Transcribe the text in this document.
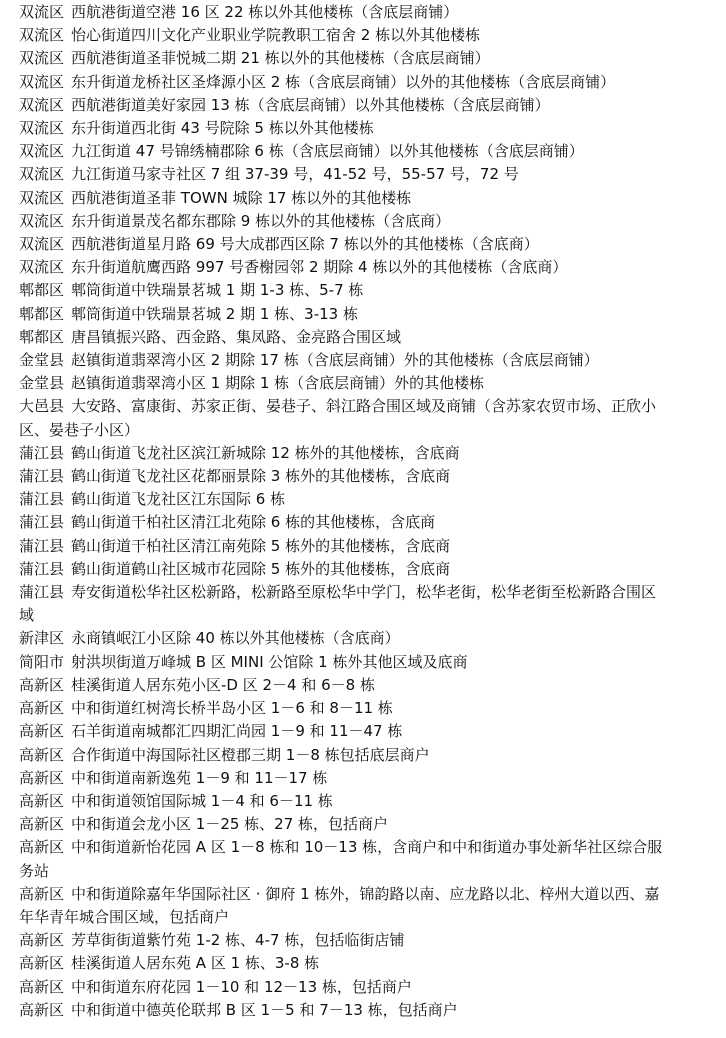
双流区 西航港街道空港 16 区 22 栋以外其他楼栋（含底层商铺）
双流区 怡心街道四川文化产业职业学院教职工宿舍 2 栋以外其他楼栋
双流区 西航港街道圣菲悦城二期 21 栋以外的其他楼栋（含底层商铺）
双流区 东升街道龙桥社区圣烽源小区 2 栋（含底层商铺）以外的其他楼栋（含底层商铺）
双流区 西航港街道美好家园 13 栋（含底层商铺）以外其他楼栋（含底层商铺）
双流区 东升街道西北街 43 号院除 5 栋以外其他楼栋
双流区 九江街道 47 号锦绣楠郡除 6 栋（含底层商铺）以外其他楼栋（含底层商铺）
双流区 九江街道马家寺社区 7 组 37-39 号，41-52 号，55-57 号，72 号
双流区 西航港街道圣菲 TOWN 城除 17 栋以外的其他楼栋
双流区 东升街道景茂名都东郡除 9 栋以外的其他楼栋（含底商）
双流区 西航港街道星月路 69 号大成郡西区除 7 栋以外的其他楼栋（含底商）
双流区 东升街道航鹰西路 997 号香榭园邻 2 期除 4 栋以外的其他楼栋（含底商）
郫都区 郫筒街道中铁瑞景茗城 1 期 1-3 栋、5-7 栋
郫都区 郫筒街道中铁瑞景茗城 2 期 1 栋、3-13 栋
郫都区 唐昌镇振兴路、西金路、集凤路、金亮路合围区域
金堂县 赵镇街道翡翠湾小区 2 期除 17 栋（含底层商铺）外的其他楼栋（含底层商铺）
金堂县 赵镇街道翡翠湾小区 1 期除 1 栋（含底层商铺）外的其他楼栋
大邑县 大安路、富康街、苏家正街、晏巷子、斜江路合围区域及商铺（含苏家农贸市场、正欣小区、晏巷子小区）
蒲江县 鹤山街道飞龙社区滨江新城除 12 栋外的其他楼栋，含底商
蒲江县 鹤山街道飞龙社区花都丽景除 3 栋外的其他楼栋，含底商
蒲江县 鹤山街道飞龙社区江东国际 6 栋
蒲江县 鹤山街道干柏社区清江北苑除 6 栋的其他楼栋，含底商
蒲江县 鹤山街道干柏社区清江南苑除 5 栋外的其他楼栋，含底商
蒲江县 鹤山街道鹤山社区城市花园除 5 栋外的其他楼栋，含底商
蒲江县 寿安街道松华社区松新路，松新路至原松华中学门，松华老街，松华老街至松新路合围区域
新津区 永商镇岷江小区除 40 栋以外其他楼栋（含底商）
简阳市 射洪坝街道万峰城 B 区 MINI 公馆除 1 栋外其他区域及底商
高新区 桂溪街道人居东苑小区-D 区 2－4 和 6－8 栋
高新区 中和街道红树湾长桥半岛小区 1－6 和 8－11 栋
高新区 石羊街道南城都汇四期汇尚园 1－9 和 11－47 栋
高新区 合作街道中海国际社区橙郡三期 1－8 栋包括底层商户
高新区 中和街道南新逸苑 1－9 和 11－17 栋
高新区 中和街道领馆国际城 1－4 和 6－11 栋
高新区 中和街道会龙小区 1－25 栋、27 栋，包括商户
高新区 中和街道新怡花园 A 区 1－8 栋和 10－13 栋，含商户和中和街道办事处新华社区综合服务站
高新区 中和街道除嘉年华国际社区 · 御府 1 栋外，锦韵路以南、应龙路以北、梓州大道以西、嘉年华青年城合围区域，包括商户
高新区 芳草街街道紫竹苑 1-2 栋、4-7 栋，包括临街店铺
高新区 桂溪街道人居东苑 A 区 1 栋、3-8 栋
高新区 中和街道东府花园 1－10 和 12－13 栋，包括商户
高新区 中和街道中德英伦联邦 B 区 1－5 和 7－13 栋，包括商户
